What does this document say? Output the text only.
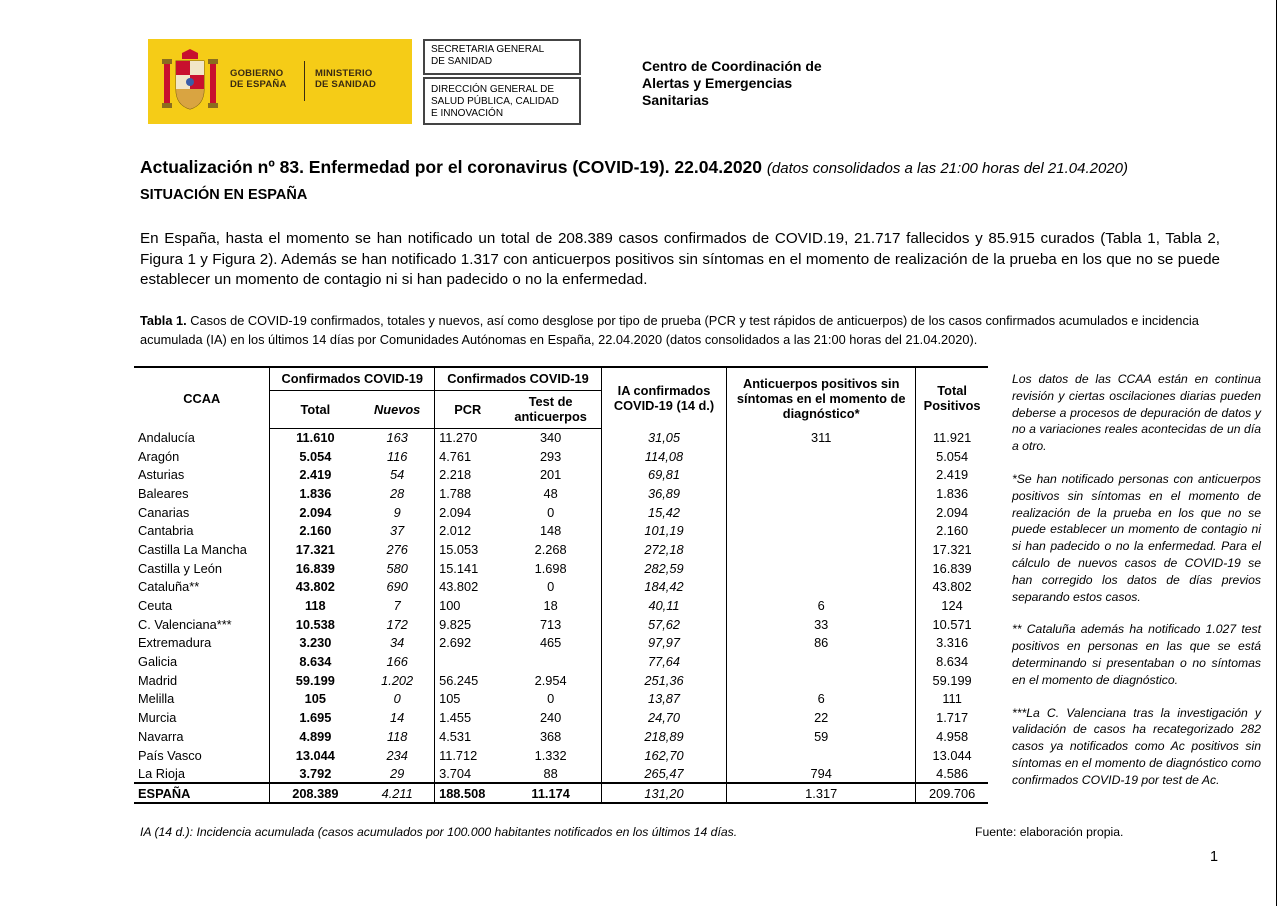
GOBIERNO
DE ESPAÑA
MINISTERIO
DE SANIDAD
SECRETARIA GENERAL
DE SANIDAD
DIRECCIÓN GENERAL DE
SALUD PÚBLICA, CALIDAD
E INNOVACIÓN
Centro de Coordinación de
Alertas y Emergencias
Sanitarias
Actualización nº 83. Enfermedad por el coronavirus (COVID-19). 22.04.2020 (datos consolidados a las 21:00 horas del 21.04.2020)
SITUACIÓN EN ESPAÑA
En España, hasta el momento se han notificado un total de 208.389 casos confirmados de COVID.19, 21.717 fallecidos y 85.915 curados (Tabla 1, Tabla 2, Figura 1 y Figura 2). Además se han notificado 1.317 con anticuerpos positivos sin síntomas en el momento de realización de la prueba en los que no se puede establecer un momento de contagio ni si han padecido o no la enfermedad.
Tabla 1. Casos de COVID-19 confirmados, totales y nuevos, así como desglose por tipo de prueba (PCR y test rápidos de anticuerpos) de los casos confirmados acumulados e incidencia acumulada (IA) en los últimos 14 días por Comunidades Autónomas en España, 22.04.2020 (datos consolidados a las 21:00 horas del 21.04.2020).
CCAA	Confirmados COVID-19		Confirmados COVID-19		IA confirmados COVID-19 (14 d.)	Anticuerpos positivos sin síntomas en el momento de diagnóstico*	Total Positivos
	Total	Nuevos	PCR	Test de anticuerpos			
Andalucía	11.610	163	11.270	340	31,05	311	11.921
Aragón	5.054	116	4.761	293	114,08		5.054
Asturias	2.419	54	2.218	201	69,81		2.419
Baleares	1.836	28	1.788	48	36,89		1.836
Canarias	2.094	9	2.094	0	15,42		2.094
Cantabria	2.160	37	2.012	148	101,19		2.160
Castilla La Mancha	17.321	276	15.053	2.268	272,18		17.321
Castilla y León	16.839	580	15.141	1.698	282,59		16.839
Cataluña**	43.802	690	43.802	0	184,42		43.802
Ceuta	118	7	100	18	40,11	6	124
C. Valenciana***	10.538	172	9.825	713	57,62	33	10.571
Extremadura	3.230	34	2.692	465	97,97	86	3.316
Galicia	8.634	166			77,64		8.634
Madrid	59.199	1.202	56.245	2.954	251,36		59.199
Melilla	105	0	105	0	13,87	6	111
Murcia	1.695	14	1.455	240	24,70	22	1.717
Navarra	4.899	118	4.531	368	218,89	59	4.958
País Vasco	13.044	234	11.712	1.332	162,70		13.044
La Rioja	3.792	29	3.704	88	265,47	794	4.586
ESPAÑA	208.389	4.211	188.508	11.174	131,20	1.317	209.706

Los datos de las CCAA están en continua revisión y ciertas oscilaciones diarias pueden deberse a procesos de depuración de datos y no a variaciones reales acontecidas de un día a otro.

*Se han notificado personas con anticuerpos positivos sin síntomas en el momento de realización de la prueba en los que no se puede establecer un momento de contagio ni si han padecido o no la enfermedad. Para el cálculo de nuevos casos de COVID-19 se han corregido los datos de días previos separando estos casos.

** Cataluña además ha notificado 1.027 test positivos en personas en las que se está determinando si presentaban o no síntomas en el momento de diagnóstico.

***La C. Valenciana tras la investigación y validación de casos ha recategorizado 282 casos ya notificados como Ac positivos sin síntomas en el momento de diagnóstico como confirmados COVID-19 por test de Ac.

IA (14 d.): Incidencia acumulada (casos acumulados por 100.000 habitantes notificados en los últimos 14 días.	Fuente: elaboración propia.
1
